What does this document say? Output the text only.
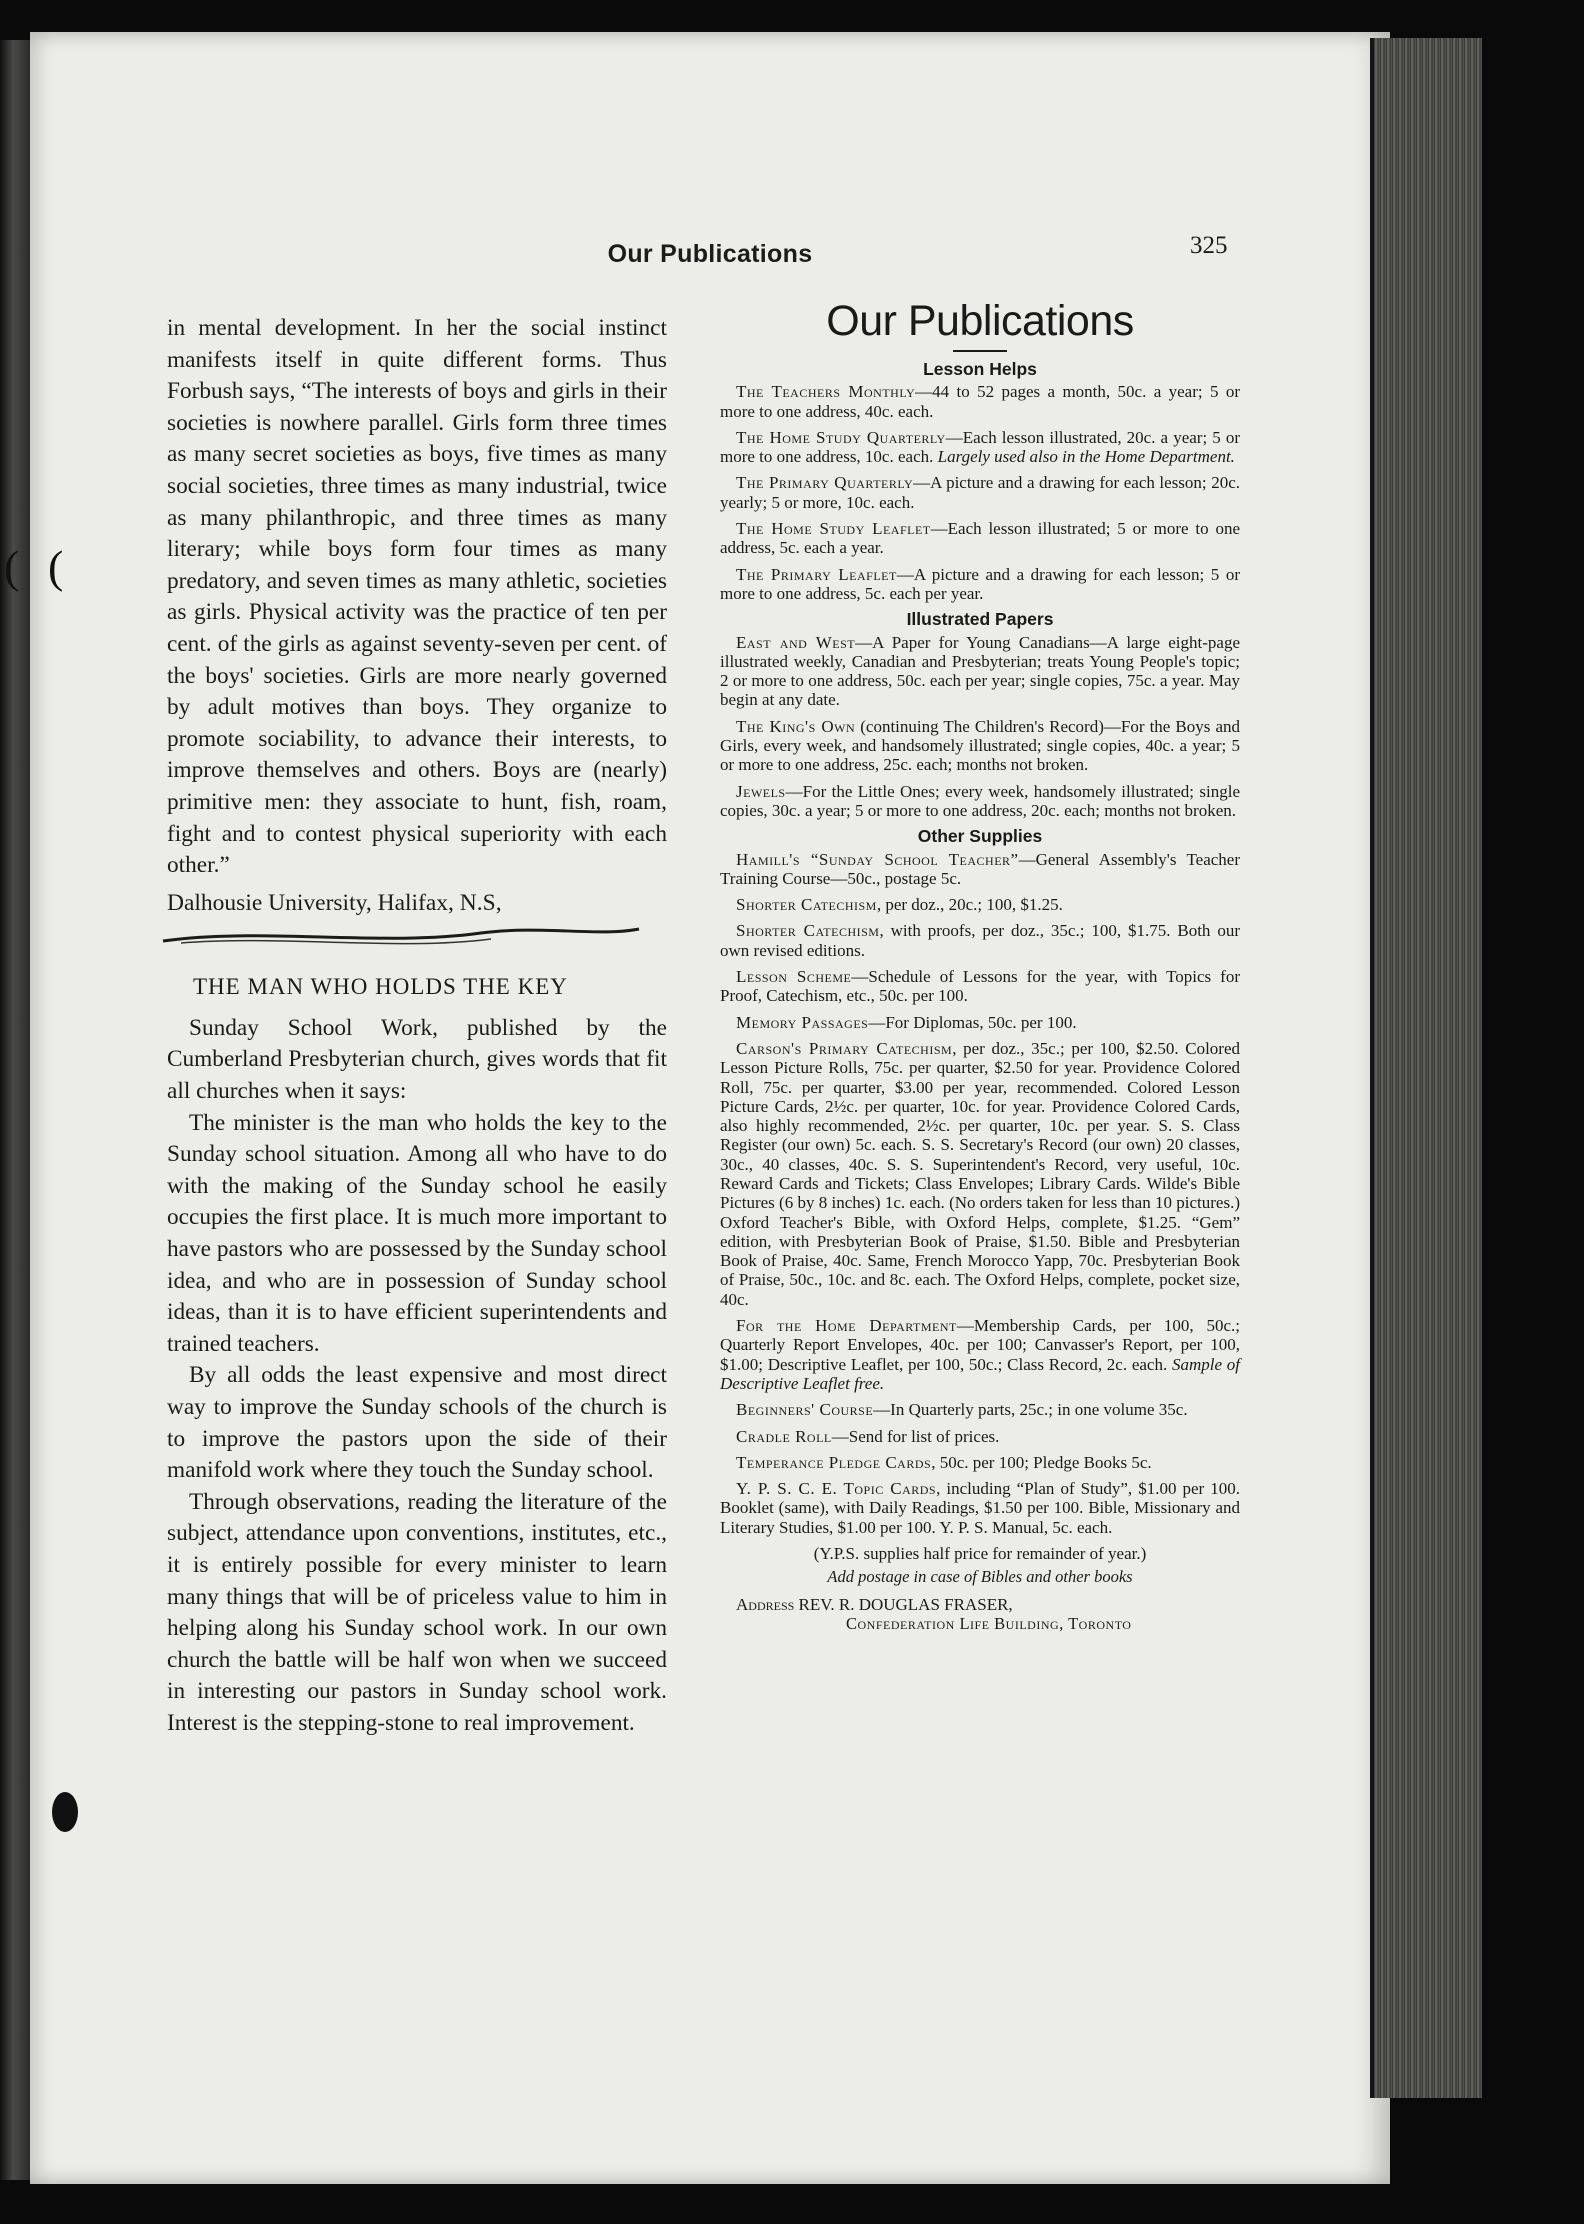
( (
Our Publications	325

in mental development. In her the social instinct manifests itself in quite different forms. Thus Forbush says, “The interests of boys and girls in their societies is nowhere parallel. Girls form three times as many secret societies as boys, five times as many social societies, three times as many industrial, twice as many philanthropic, and three times as many literary; while boys form four times as many predatory, and seven times as many athletic, societies as girls. Physical activity was the practice of ten per cent. of the girls as against seventy-seven per cent. of the boys' societies. Girls are more nearly governed by adult motives than boys. They organize to promote sociability, to advance their interests, to improve themselves and others. Boys are (nearly) primitive men: they associate to hunt, fish, roam, fight and to contest physical superiority with each other.”

Dalhousie University, Halifax, N.S,

THE MAN WHO HOLDS THE KEY

Sunday School Work, published by the Cumberland Presbyterian church, gives words that fit all churches when it says:

The minister is the man who holds the key to the Sunday school situation. Among all who have to do with the making of the Sunday school he easily occupies the first place. It is much more important to have pastors who are possessed by the Sunday school idea, and who are in possession of Sunday school ideas, than it is to have efficient superintendents and trained teachers.

By all odds the least expensive and most direct way to improve the Sunday schools of the church is to improve the pastors upon the side of their manifold work where they touch the Sunday school.

Through observations, reading the literature of the subject, attendance upon conventions, institutes, etc., it is entirely possible for every minister to learn many things that will be of priceless value to him in helping along his Sunday school work. In our own church the battle will be half won when we succeed in interesting our pastors in Sunday school work. Interest is the stepping-stone to real improvement.

Our Publications
Lesson Helps

The Teachers Monthly—44 to 52 pages a month, 50c. a year; 5 or more to one address, 40c. each.

The Home Study Quarterly—Each lesson illustrated, 20c. a year; 5 or more to one address, 10c. each. Largely used also in the Home Department.

The Primary Quarterly—A picture and a drawing for each lesson; 20c. yearly; 5 or more, 10c. each.

The Home Study Leaflet—Each lesson illustrated; 5 or more to one address, 5c. each a year.

The Primary Leaflet—A picture and a drawing for each lesson; 5 or more to one address, 5c. each per year.

Illustrated Papers

East and West—A Paper for Young Canadians—A large eight-page illustrated weekly, Canadian and Presbyterian; treats Young People's topic; 2 or more to one address, 50c. each per year; single copies, 75c. a year. May begin at any date.

The King's Own (continuing The Children's Record)—For the Boys and Girls, every week, and handsomely illustrated; single copies, 40c. a year; 5 or more to one address, 25c. each; months not broken.

Jewels—For the Little Ones; every week, handsomely illustrated; single copies, 30c. a year; 5 or more to one address, 20c. each; months not broken.

Other Supplies

Hamill's “Sunday School Teacher”—General Assembly's Teacher Training Course—50c., postage 5c.

Shorter Catechism, per doz., 20c.; 100, $1.25.

Shorter Catechism, with proofs, per doz., 35c.; 100, $1.75. Both our own revised editions.

Lesson Scheme—Schedule of Lessons for the year, with Topics for Proof, Catechism, etc., 50c. per 100.

Memory Passages—For Diplomas, 50c. per 100.

Carson's Primary Catechism, per doz., 35c.; per 100, $2.50. Colored Lesson Picture Rolls, 75c. per quarter, $2.50 for year. Providence Colored Roll, 75c. per quarter, $3.00 per year, recommended. Colored Lesson Picture Cards, 2½c. per quarter, 10c. for year. Providence Colored Cards, also highly recommended, 2½c. per quarter, 10c. per year. S. S. Class Register (our own) 5c. each. S. S. Secretary's Record (our own) 20 classes, 30c., 40 classes, 40c. S. S. Superintendent's Record, very useful, 10c. Reward Cards and Tickets; Class Envelopes; Library Cards. Wilde's Bible Pictures (6 by 8 inches) 1c. each. (No orders taken for less than 10 pictures.) Oxford Teacher's Bible, with Oxford Helps, complete, $1.25. “Gem” edition, with Presbyterian Book of Praise, $1.50. Bible and Presbyterian Book of Praise, 40c. Same, French Morocco Yapp, 70c. Presbyterian Book of Praise, 50c., 10c. and 8c. each. The Oxford Helps, complete, pocket size, 40c.

For the Home Department—Membership Cards, per 100, 50c.; Quarterly Report Envelopes, 40c. per 100; Canvasser's Report, per 100, $1.00; Descriptive Leaflet, per 100, 50c.; Class Record, 2c. each. Sample of Descriptive Leaflet free.

Beginners' Course—In Quarterly parts, 25c.; in one volume 35c.

Cradle Roll—Send for list of prices.

Temperance Pledge Cards, 50c. per 100; Pledge Books 5c.

Y. P. S. C. E. Topic Cards, including “Plan of Study”, $1.00 per 100. Booklet (same), with Daily Readings, $1.50 per 100. Bible, Missionary and Literary Studies, $1.00 per 100. Y. P. S. Manual, 5c. each.

(Y.P.S. supplies half price for remainder of year.)

Add postage in case of Bibles and other books

Address REV. R. DOUGLAS FRASER,

Confederation Life Building, Toronto
